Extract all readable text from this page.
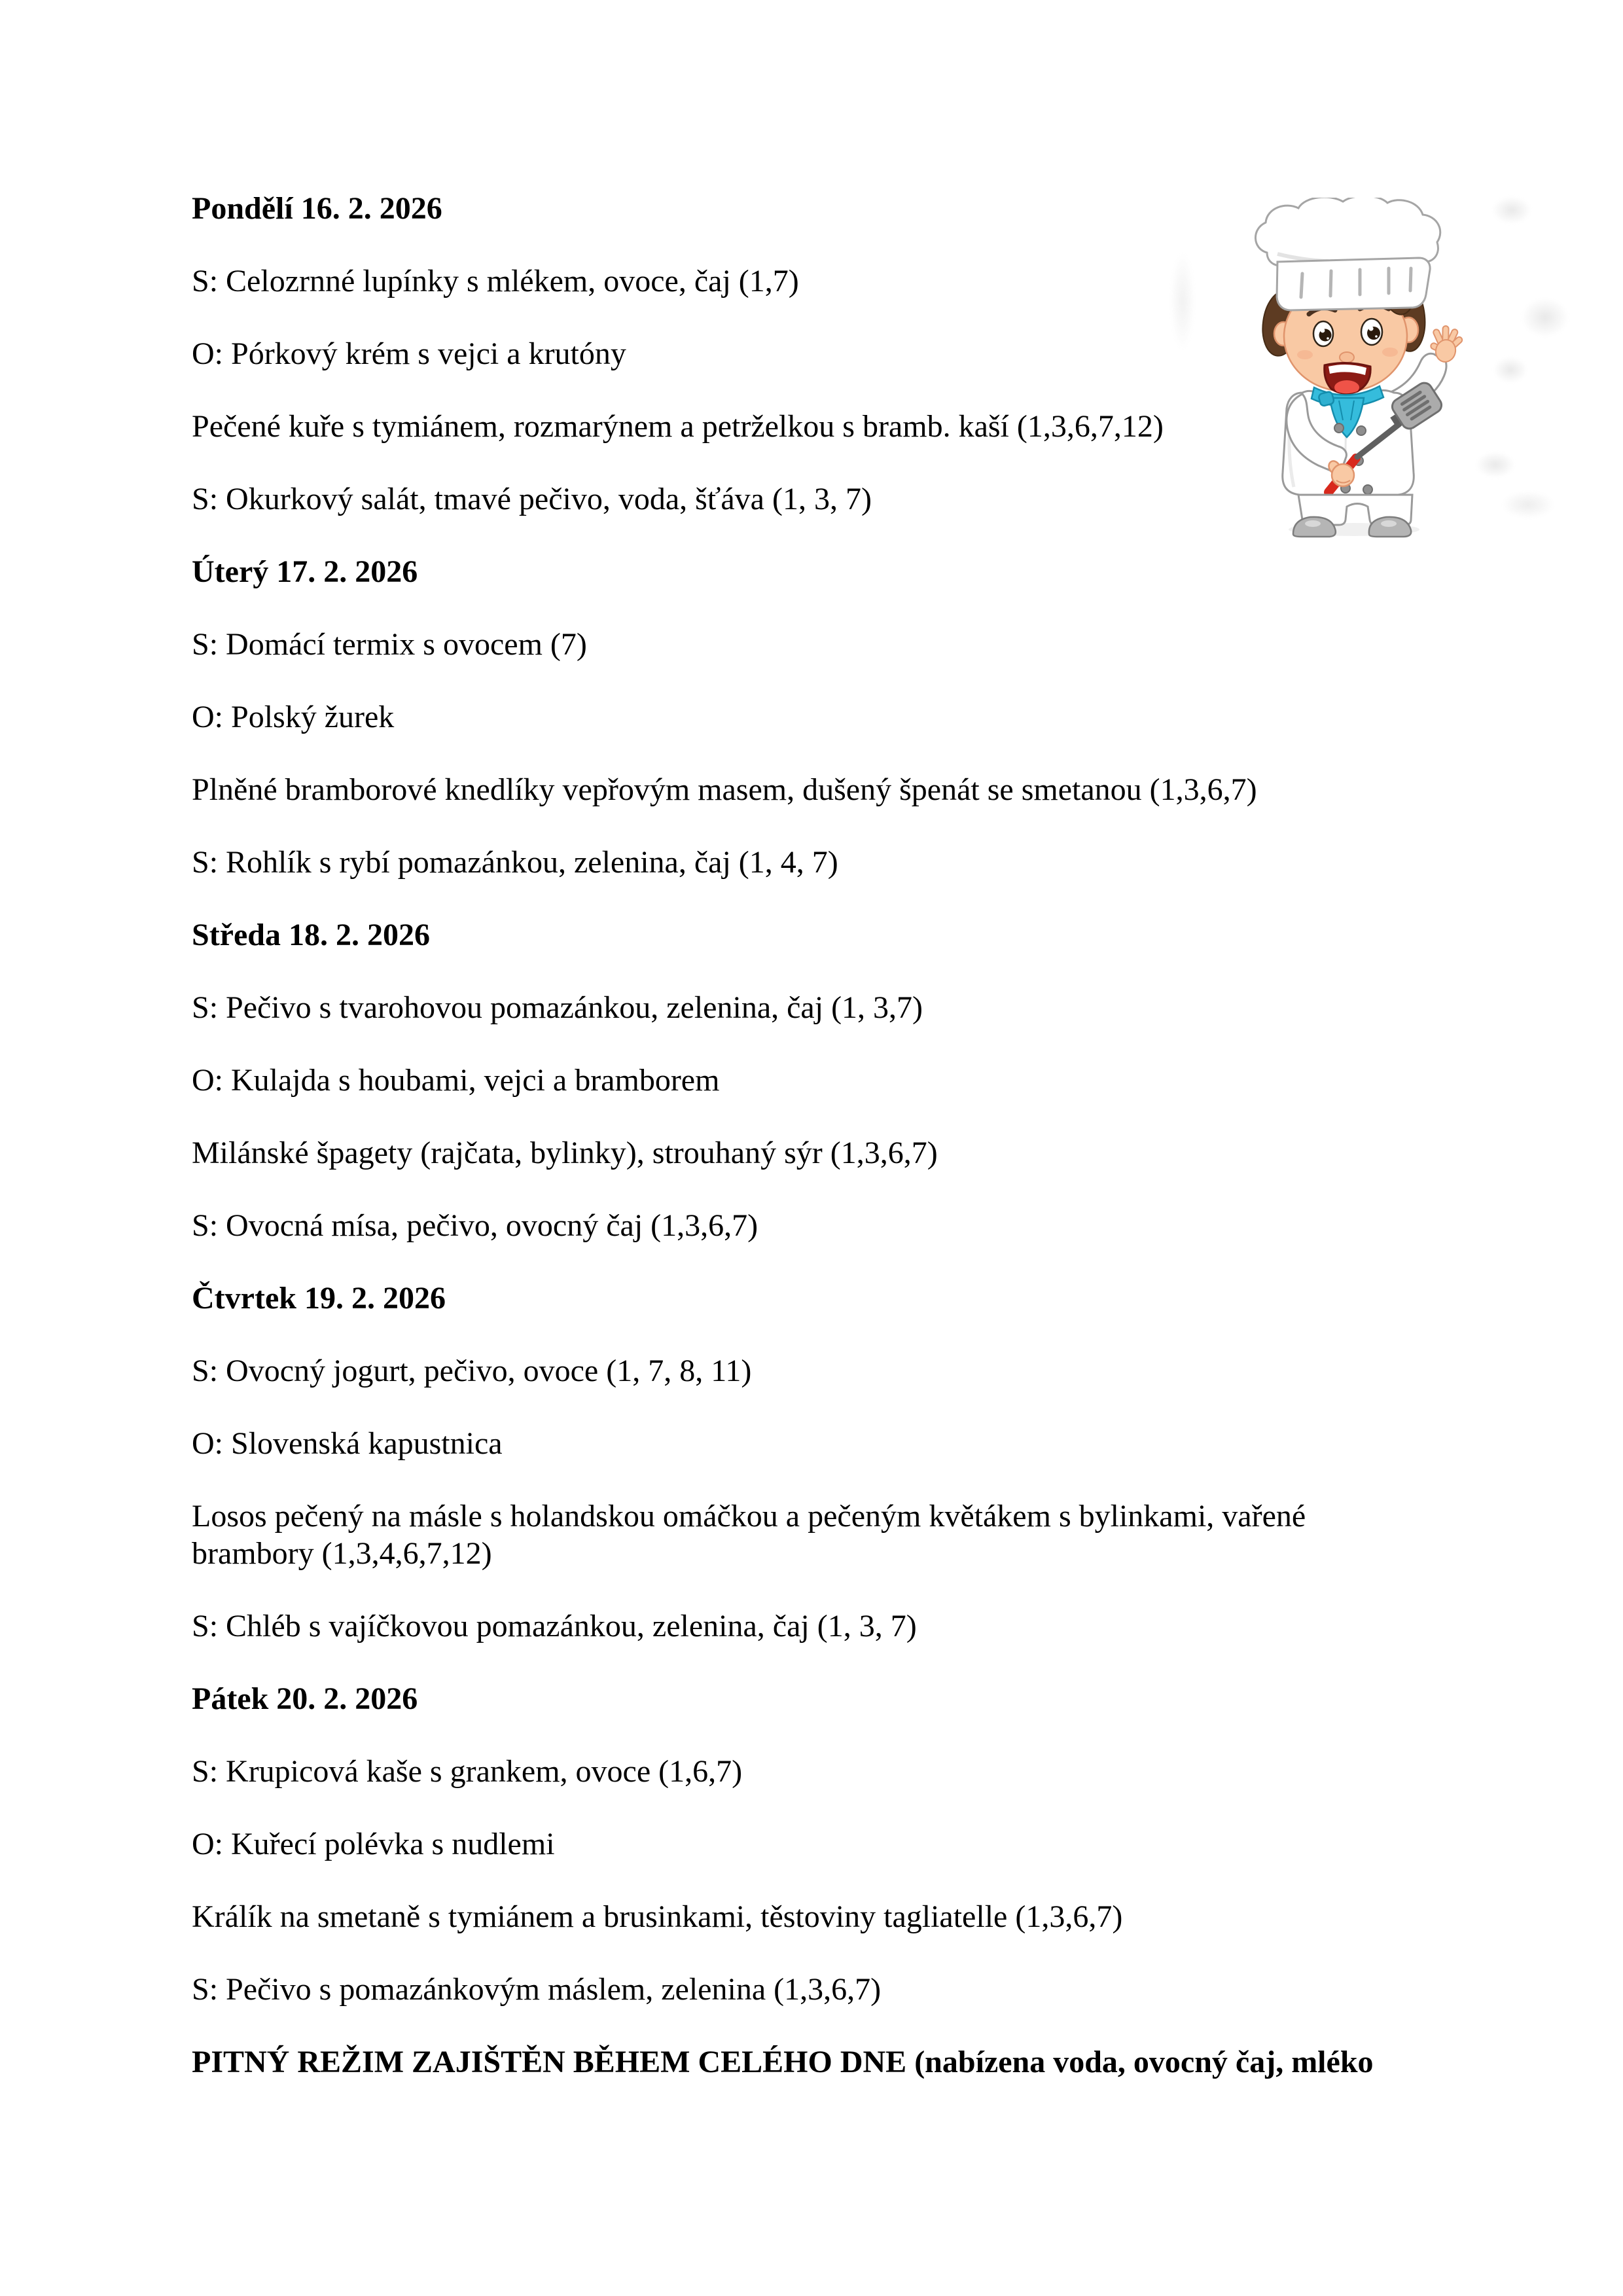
Pondělí 16. 2. 2026

S: Celozrnné lupínky s mlékem, ovoce, čaj (1,7)

O: Pórkový krém s vejci a krutóny

Pečené kuře s tymiánem, rozmarýnem a petrželkou s bramb. kaší (1,3,6,7,12)

S: Okurkový salát, tmavé pečivo, voda, šťáva (1, 3, 7)

Úterý 17. 2. 2026

S: Domácí termix s ovocem (7)

O: Polský žurek

Plněné bramborové knedlíky vepřovým masem, dušený špenát se smetanou (1,3,6,7)

S: Rohlík s rybí pomazánkou, zelenina, čaj (1, 4, 7)

Středa 18. 2. 2026

S: Pečivo s tvarohovou pomazánkou, zelenina, čaj (1, 3,7)

O: Kulajda s houbami, vejci a bramborem

Milánské špagety (rajčata, bylinky), strouhaný sýr (1,3,6,7)

S: Ovocná mísa, pečivo, ovocný čaj (1,3,6,7)

Čtvrtek 19. 2. 2026

S: Ovocný jogurt, pečivo, ovoce (1, 7, 8, 11)

O: Slovenská kapustnica

Losos pečený na másle s holandskou omáčkou a pečeným květákem s bylinkami, vařené brambory (1,3,4,6,7,12)

S: Chléb s vajíčkovou pomazánkou, zelenina, čaj (1, 3, 7)

Pátek 20. 2. 2026

S: Krupicová kaše s grankem, ovoce (1,6,7)

O: Kuřecí polévka s nudlemi

Králík na smetaně s tymiánem a brusinkami, těstoviny tagliatelle (1,3,6,7)

S: Pečivo s pomazánkovým máslem, zelenina (1,3,6,7)

PITNÝ REŽIM ZAJIŠTĚN BĚHEM CELÉHO DNE (nabízena voda, ovocný čaj, mléko
